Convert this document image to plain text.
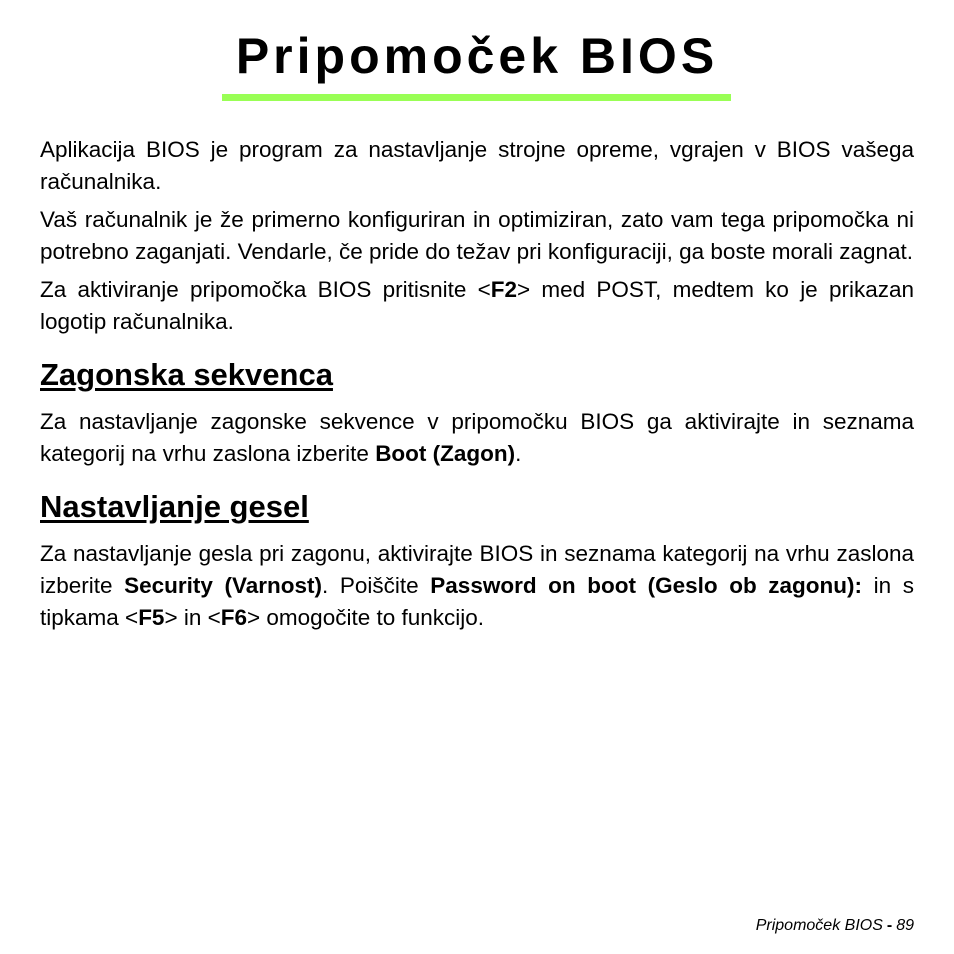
Pripomoček BIOS

Aplikacija BIOS je program za nastavljanje strojne opreme, vgrajen v BIOS vašega računalnika.

Vaš računalnik je že primerno konfiguriran in optimiziran, zato vam tega pripomočka ni potrebno zaganjati. Vendarle, če pride do težav pri konfiguraciji, ga boste morali zagnat.

Za aktiviranje pripomočka BIOS pritisnite <F2> med POST, medtem ko je prikazan logotip računalnika.

Zagonska sekvenca

Za nastavljanje zagonske sekvence v pripomočku BIOS ga aktivirajte in seznama kategorij na vrhu zaslona izberite Boot (Zagon).

Nastavljanje gesel

Za nastavljanje gesla pri zagonu, aktivirajte BIOS in seznama kategorij na vrhu zaslona izberite Security (Varnost). Poiščite Password on boot (Geslo ob zagonu): in s tipkama <F5> in <F6> omogočite to funkcijo.

Pripomoček BIOS - 89
